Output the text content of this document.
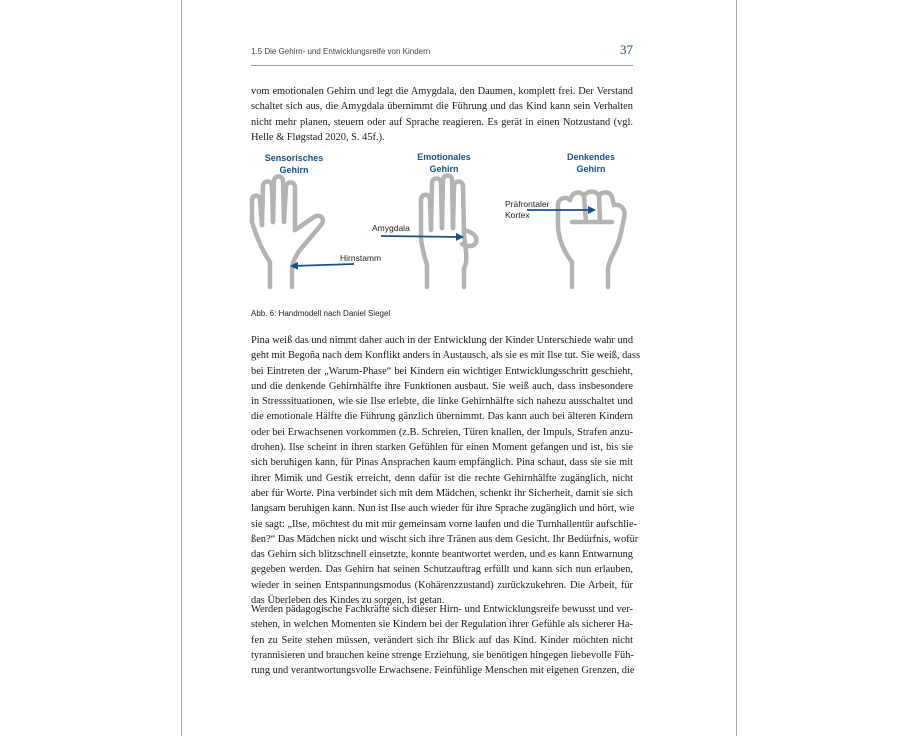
1.5 Die Gehirn- und Entwicklungsreife von Kindern	37
vom emotionalen Gehirn und legt die Amygdala, den Daumen, komplett frei. Der Verstand
schaltet sich aus, die Amygdala übernimmt die Führung und das Kind kann sein Verhalten
nicht mehr planen, steuern oder auf Sprache reagieren. Es gerät in einen Notzustand (vgl.
Helle & Fløgstad 2020, S. 45f.).
Sensorisches
Gehirn
Emotionales
Gehirn
Denkendes
Gehirn
Hirnstamm
Amygdala
Präfrontaler
Kortex
Abb. 6: Handmodell nach Daniel Siegel
Pina weiß das und nimmt daher auch in der Entwicklung der Kinder Unterschiede wahr und
geht mit Begoña nach dem Konflikt anders in Austausch, als sie es mit Ilse tut. Sie weiß, dass
bei Eintreten der „Warum-Phase“ bei Kindern ein wichtiger Entwicklungsschritt geschieht,
und die denkende Gehirnhälfte ihre Funktionen ausbaut. Sie weiß auch, dass insbesondere
in Stresssituationen, wie sie Ilse erlebte, die linke Gehirnhälfte sich nahezu ausschaltet und
die emotionale Hälfte die Führung gänzlich übernimmt. Das kann auch bei älteren Kindern
oder bei Erwachsenen vorkommen (z.B. Schreien, Türen knallen, der Impuls, Strafen anzu-
drohen). Ilse scheint in ihren starken Gefühlen für einen Moment gefangen und ist, bis sie
sich beruhigen kann, für Pinas Ansprachen kaum empfänglich. Pina schaut, dass sie sie mit
ihrer Mimik und Gestik erreicht, denn dafür ist die rechte Gehirnhälfte zugänglich, nicht
aber für Worte. Pina verbindet sich mit dem Mädchen, schenkt ihr Sicherheit, damit sie sich
langsam beruhigen kann. Nun ist Ilse auch wieder für ihre Sprache zugänglich und hört, wie
sie sagt: „Ilse, möchtest du mit mir gemeinsam vorne laufen und die Turnhallentür aufschlie-
ßen?“ Das Mädchen nickt und wischt sich ihre Tränen aus dem Gesicht. Ihr Bedürfnis, wofür
das Gehirn sich blitzschnell einsetzte, konnte beantwortet werden, und es kann Entwarnung
gegeben werden. Das Gehirn hat seinen Schutzauftrag erfüllt und kann sich nun erlauben,
wieder in seinen Entspannungsmodus (Kohärenzzustand) zurückzukehren. Die Arbeit, für
das Überleben des Kindes zu sorgen, ist getan.
Werden pädagogische Fachkräfte sich dieser Hirn- und Entwicklungsreife bewusst und ver-
stehen, in welchen Momenten sie Kindern bei der Regulation ihrer Gefühle als sicherer Ha-
fen zu Seite stehen müssen, verändert sich ihr Blick auf das Kind. Kinder möchten nicht
tyrannisieren und brauchen keine strenge Erziehung, sie benötigen hingegen liebevolle Füh-
rung und verantwortungsvolle Erwachsene. Feinfühlige Menschen mit eigenen Grenzen, die
